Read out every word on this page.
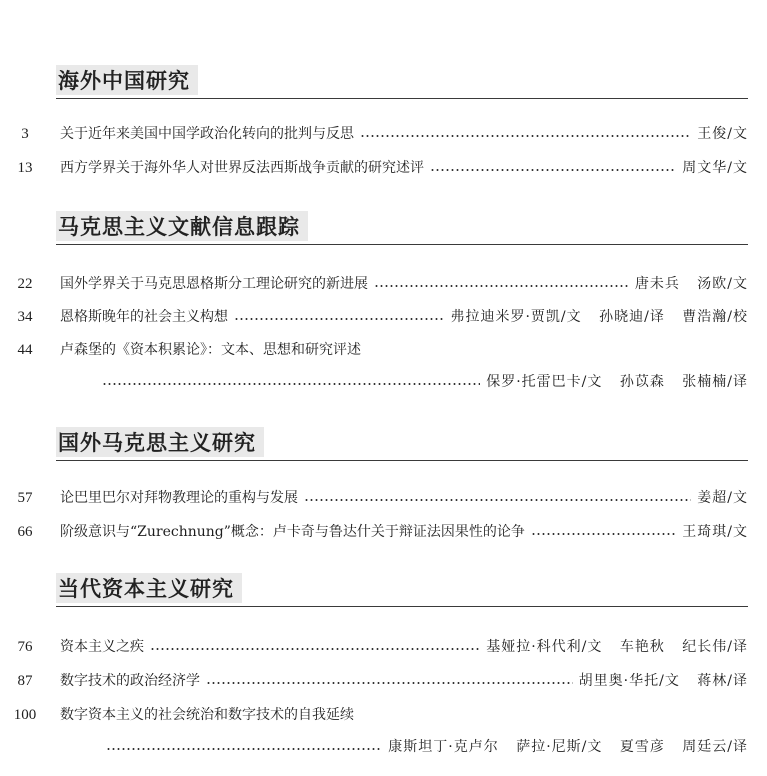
海外中国研究
3	关于近年来美国中国学政治化转向的批判与反思	王俊/文
13	西方学界关于海外华人对世界反法西斯战争贡献的研究述评	周文华/文
马克思主义文献信息跟踪
22	国外学界关于马克思恩格斯分工理论研究的新进展	唐未兵 汤欧/文
34	恩格斯晚年的社会主义构想	弗拉迪米罗·贾凯/文 孙晓迪/译 曹浩瀚/校
44	卢森堡的《资本积累论》：文本、思想和研究评述
保罗·托雷巴卡/文 孙苡森 张楠楠/译
国外马克思主义研究
57	论巴里巴尔对拜物教理论的重构与发展	姜超/文
66	阶级意识与“Zurechnung”概念：卢卡奇与鲁达什关于辩证法因果性的论争	王琦琪/文
当代资本主义研究
76	资本主义之疾	基娅拉·科代利/文 车艳秋 纪长伟/译
87	数字技术的政治经济学	胡里奥·华托/文 蒋林/译
100	数字资本主义的社会统治和数字技术的自我延续
康斯坦丁·克卢尔 萨拉·尼斯/文 夏雪彦 周廷云/译
